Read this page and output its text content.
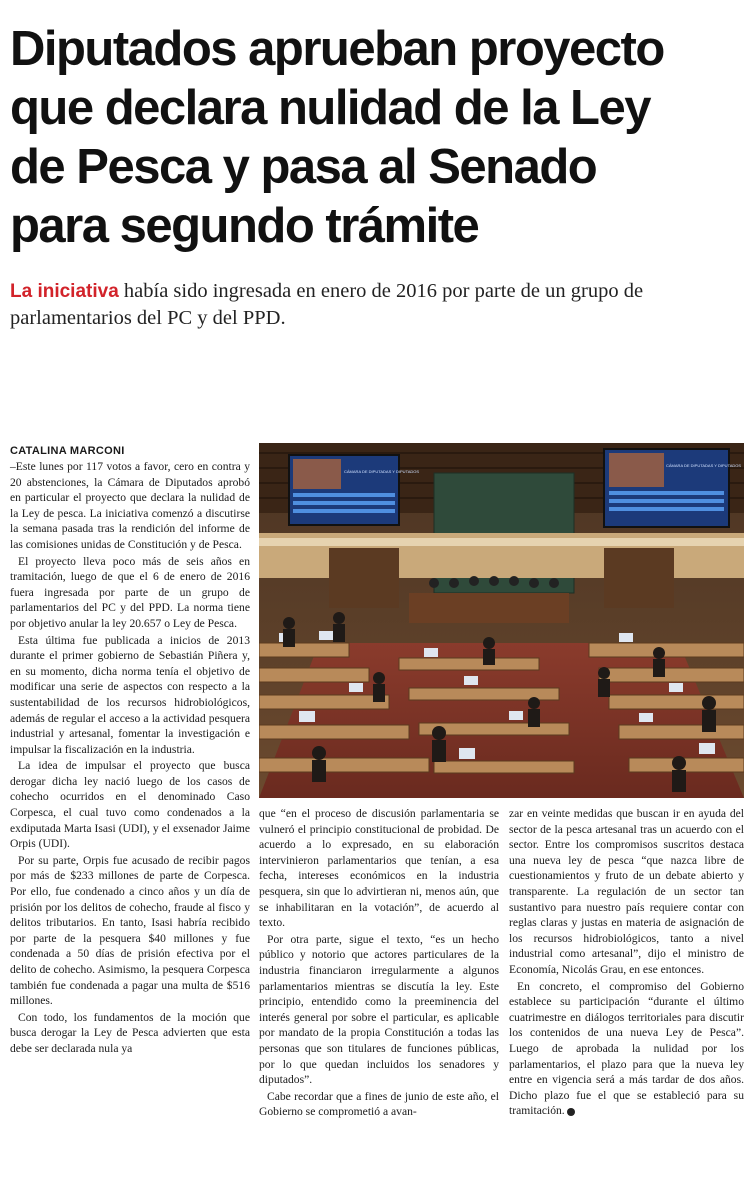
Diputados aprueban proyecto
que declara nulidad de la Ley
de Pesca y pasa al Senado
para segundo trámite
La iniciativa había sido ingresada en enero de 2016 por parte de un grupo de parlamentarios del PC y del PPD.
CATALINA MARCONI

–Este lunes por 117 votos a favor, cero en contra y 20 abstenciones, la Cámara de Diputados aprobó en particular el proyecto que declara la nulidad de la Ley de pesca. La iniciativa comenzó a discutirse la semana pasada tras la rendición del informe de las comisiones unidas de Constitución y de Pesca.

El proyecto lleva poco más de seis años en tramitación, luego de que el 6 de enero de 2016 fuera ingresada por parte de un grupo de parlamentarios del PC y del PPD. La norma tiene por objetivo anular la ley 20.657 o Ley de Pesca.

Esta última fue publicada a inicios de 2013 durante el primer gobierno de Sebastián Piñera y, en su momento, dicha norma tenía el objetivo de modificar una serie de aspectos con respecto a la sustentabilidad de los recursos hidrobiológicos, además de regular el acceso a la actividad pesquera industrial y artesanal, fomentar la investigación e impulsar la fiscalización en la industria.

La idea de impulsar el proyecto que busca derogar dicha ley nació luego de los casos de cohecho ocurridos en el denominado Caso Corpesca, el cual tuvo como condenados a la exdiputada Marta Isasi (UDI), y el exsenador Jaime Orpis (UDI).

Por su parte, Orpis fue acusado de recibir pagos por más de $233 millones de parte de Corpesca. Por ello, fue condenado a cinco años y un día de prisión por los delitos de cohecho, fraude al fisco y delitos tributarios. En tanto, Isasi habría recibido por parte de la pesquera $40 millones y fue condenada a 50 días de prisión efectiva por el delito de cohecho. Asimismo, la pesquera Corpesca también fue condenada a pagar una multa de $516 millones.

Con todo, los fundamentos de la moción que busca derogar la Ley de Pesca advierten que esta debe ser declarada nula ya

CÁMARA DE DIPUTADAS Y DIPUTADOS
CÁMARA DE DIPUTADAS Y DIPUTADOS

que “en el proceso de discusión parlamentaria se vulneró el principio constitucional de probidad. De acuerdo a lo expresado, en su elaboración intervinieron parlamentarios que tenían, a esa fecha, intereses económicos en la industria pesquera, sin que lo advirtieran ni, menos aún, que se inhabilitaran en la votación”, de acuerdo al texto.

Por otra parte, sigue el texto, “es un hecho público y notorio que actores particulares de la industria financiaron irregularmente a algunos parlamentarios mientras se discutía la ley. Este principio, entendido como la preeminencia del interés general por sobre el particular, es aplicable por mandato de la propia Constitución a todas las personas que son titulares de funciones públicas, por lo que quedan incluidos los senadores y diputados”.

Cabe recordar que a fines de junio de este año, el Gobierno se comprometió a avan-

zar en veinte medidas que buscan ir en ayuda del sector de la pesca artesanal tras un acuerdo con el sector. Entre los compromisos suscritos destaca una nueva ley de pesca “que nazca libre de cuestionamientos y fruto de un debate abierto y transparente. La regulación de un sector tan sustantivo para nuestro país requiere contar con reglas claras y justas en materia de asignación de los recursos hidrobiológicos, tanto a nivel industrial como artesanal”, dijo el ministro de Economía, Nicolás Grau, en ese entonces.

En concreto, el compromiso del Gobierno establece su participación “durante el último cuatrimestre en diálogos territoriales para discutir los contenidos de una nueva Ley de Pesca”. Luego de aprobada la nulidad por los parlamentarios, el plazo para que la nueva ley entre en vigencia será a más tardar de dos años. Dicho plazo fue el que se estableció para su tramitación.
